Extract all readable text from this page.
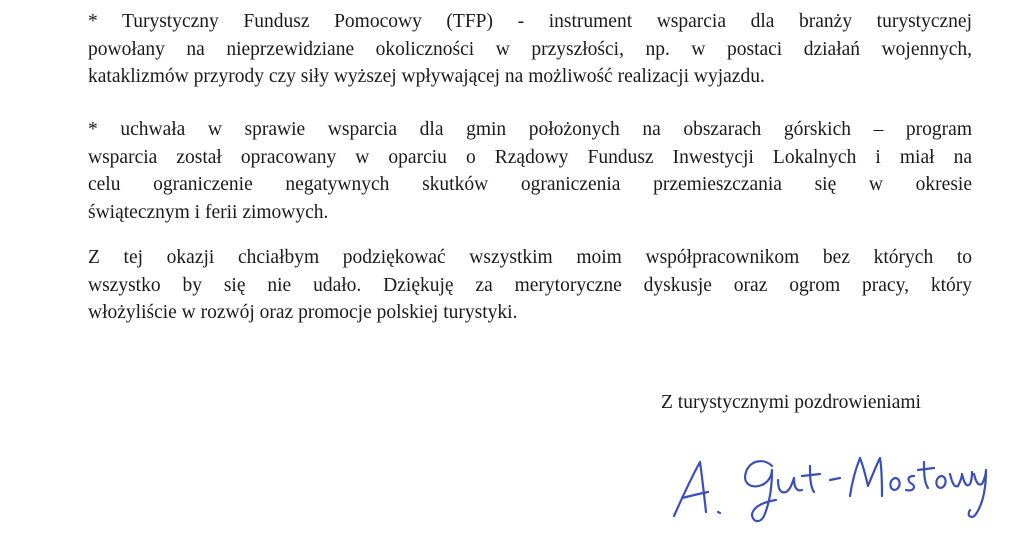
* Turystyczny Fundusz Pomocowy (TFP) - instrument wsparcia dla branży turystycznej
powołany na nieprzewidziane okoliczności w przyszłości, np. w postaci działań wojennych,
kataklizmów przyrody czy siły wyższej wpływającej na możliwość realizacji wyjazdu.
* uchwała w sprawie wsparcia dla gmin położonych na obszarach górskich – program
wsparcia został opracowany w oparciu o Rządowy Fundusz Inwestycji Lokalnych i miał na
celu ograniczenie negatywnych skutków ograniczenia przemieszczania się w okresie
świątecznym i ferii zimowych.
Z tej okazji chciałbym podziękować wszystkim moim współpracownikom bez których to
wszystko by się nie udało. Dziękuję za merytoryczne dyskusje oraz ogrom pracy, który
włożyliście w rozwój oraz promocje polskiej turystyki.
Z turystycznymi pozdrowieniami
